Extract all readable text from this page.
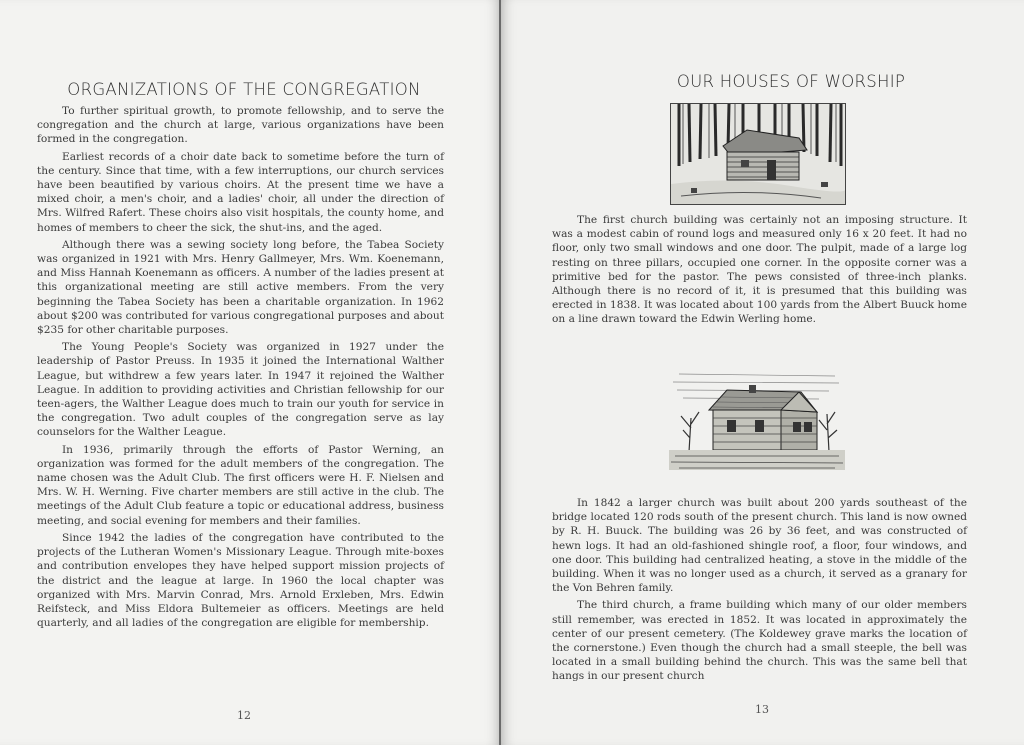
ORGANIZATIONS OF THE CONGREGATION

To further spiritual growth, to promote fellowship, and to serve the congregation and the church at large, various organizations have been formed in the congregation.

Earliest records of a choir date back to sometime before the turn of the century. Since that time, with a few interruptions, our church services have been beautified by various choirs. At the present time we have a mixed choir, a men's choir, and a ladies' choir, all under the direction of Mrs. Wilfred Rafert. These choirs also visit hospitals, the county home, and homes of members to cheer the sick, the shut-ins, and the aged.

Although there was a sewing society long before, the Tabea Society was organized in 1921 with Mrs. Henry Gallmeyer, Mrs. Wm. Koenemann, and Miss Hannah Koenemann as officers. A number of the ladies present at this organizational meeting are still active members. From the very beginning the Tabea Society has been a charitable organization. In 1962 about $200 was contributed for various congregational purposes and about $235 for other charitable purposes.

The Young People's Society was organized in 1927 under the leadership of Pastor Preuss. In 1935 it joined the International Walther League, but withdrew a few years later. In 1947 it rejoined the Walther League. In addition to providing activities and Christian fellowship for our teen-agers, the Walther League does much to train our youth for service in the congregation. Two adult couples of the congregation serve as lay counselors for the Walther League.

In 1936, primarily through the efforts of Pastor Werning, an organization was formed for the adult members of the congregation. The name chosen was the Adult Club. The first officers were H. F. Nielsen and Mrs. W. H. Werning. Five charter members are still active in the club. The meetings of the Adult Club feature a topic or educational address, business meeting, and social evening for members and their families.

Since 1942 the ladies of the congregation have contributed to the projects of the Lutheran Women's Missionary League. Through mite-boxes and contribution envelopes they have helped support mission projects of the district and the league at large. In 1960 the local chapter was organized with Mrs. Marvin Conrad, Mrs. Arnold Erxleben, Mrs. Edwin Reifsteck, and Miss Eldora Bultemeier as officers. Meetings are held quarterly, and all ladies of the congregation are eligible for membership.

12
OUR HOUSES OF WORSHIP

The first church building was certainly not an imposing structure. It was a modest cabin of round logs and measured only 16 x 20 feet. It had no floor, only two small windows and one door. The pulpit, made of a large log resting on three pillars, occupied one corner. In the opposite corner was a primitive bed for the pastor. The pews consisted of three-inch planks. Although there is no record of it, it is presumed that this building was erected in 1838. It was located about 100 yards from the Albert Buuck home on a line drawn toward the Edwin Werling home.

In 1842 a larger church was built about 200 yards southeast of the bridge located 120 rods south of the present church. This land is now owned by R. H. Buuck. The building was 26 by 36 feet, and was constructed of hewn logs. It had an old-fashioned shingle roof, a floor, four windows, and one door. This building had centralized heating, a stove in the middle of the building. When it was no longer used as a church, it served as a granary for the Von Behren family.

The third church, a frame building which many of our older members still remember, was erected in 1852. It was located in approximately the center of our present cemetery. (The Koldewey grave marks the location of the cornerstone.) Even though the church had a small steeple, the bell was located in a small building behind the church. This was the same bell that hangs in our present church

13
